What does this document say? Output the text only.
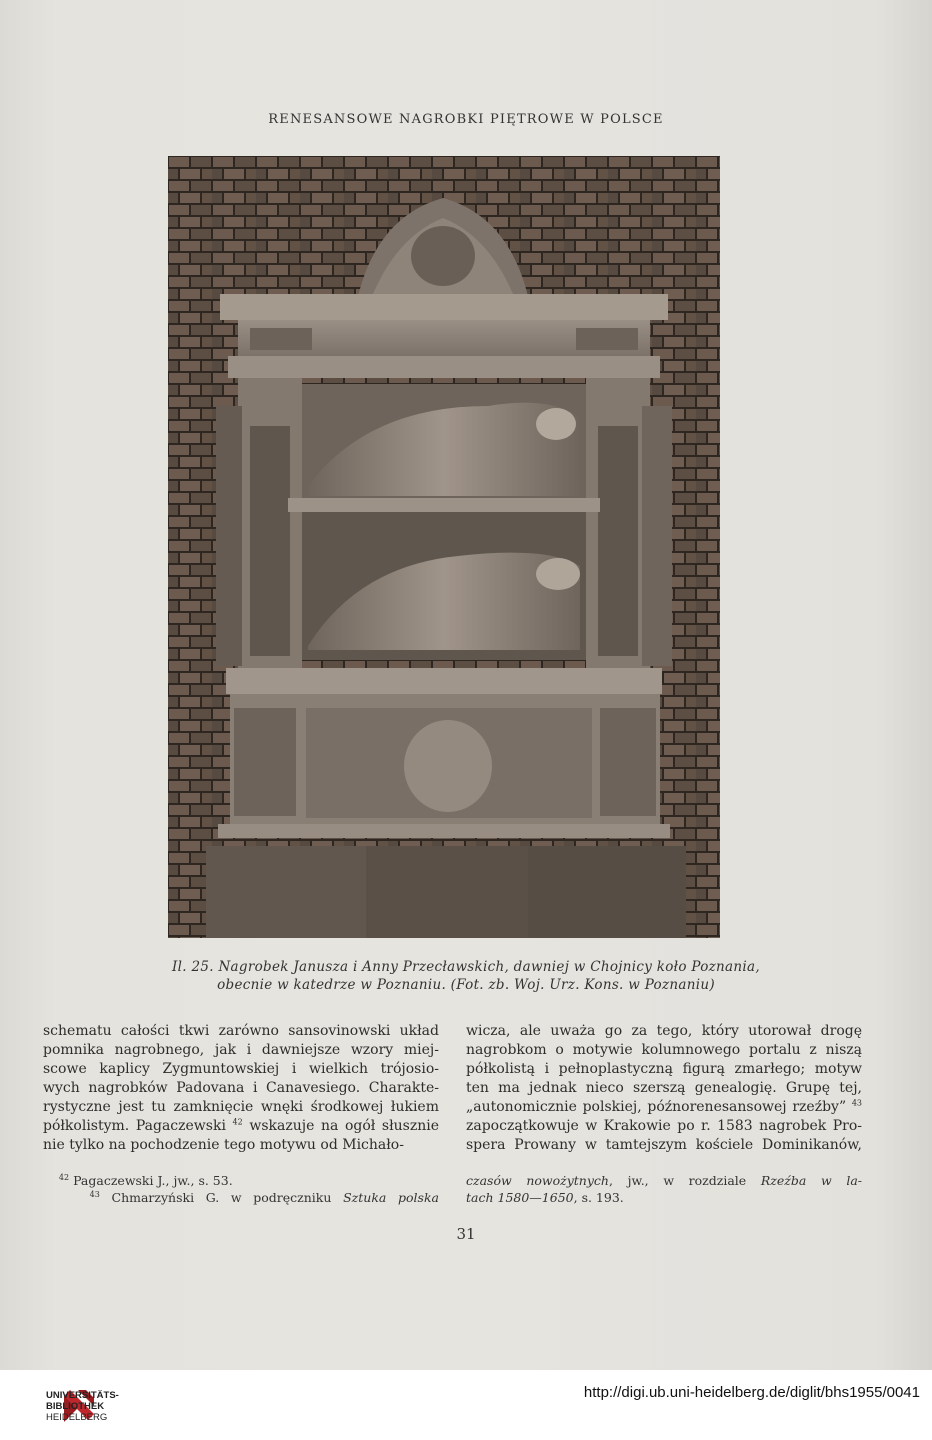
RENESANSOWE NAGROBKI PIĘTROWE W POLSCE
Il. 25. Nagrobek Janusza i Anny Przecławskich, dawniej w Chojnicy koło Poznania,
obecnie w katedrze w Poznaniu. (Fot. zb. Woj. Urz. Kons. w Poznaniu)
schematu całości tkwi zarówno sansovinowski układ
pomnika nagrobnego, jak i dawniejsze wzory miej-
scowe kaplicy Zygmuntowskiej i wielkich trójosio-
wych nagrobków Padovana i Canavesiego. Charakte-
rystyczne jest tu zamknięcie wnęki środkowej łukiem
półkolistym. Pagaczewski $^{42}$ wskazuje na ogół słusznie
nie tylko na pochodzenie tego motywu od Michało-
wicza, ale uważa go za tego, który utorował drogę
nagrobkom o motywie kolumnowego portalu z niszą
półkolistą i pełnoplastyczną figurą zmarłego; motyw
ten ma jednak nieco szerszą genealogię. Grupę tej,
„autonomicznie polskiej, późnorenesansowej rzeźby” $^{43}$
zapoczątkowuje w Krakowie po r. 1583 nagrobek Pro-
spera Prowany w tamtejszym kościele Dominikanów,
$^{42}$ Pagaczewski J., jw., s. 53.
$^{43}$ Chmarzyński G. w podręczniku Sztuka polska
czasów nowożytnych, jw., w rozdziale Rzeźba w la-
tach 1580—1650, s. 193.
31
UNIVERSITÄTS-
BIBLIOTHEK
HEIDELBERG
http://digi.ub.uni-heidelberg.de/diglit/bhs1955/0041
